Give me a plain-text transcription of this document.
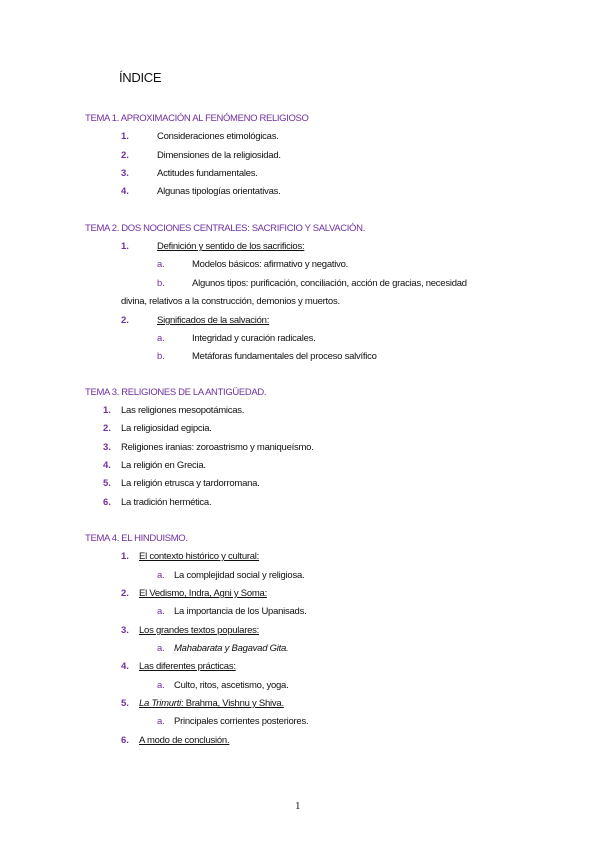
ÍNDICE
TEMA 1. APROXIMACIÓN AL FENÓMENO RELIGIOSO
1.	Consideraciones etimológicas.
2.	Dimensiones de la religiosidad.
3.	Actitudes fundamentales.
4.	Algunas tipologías orientativas.
TEMA 2. DOS NOCIONES CENTRALES: SACRIFICIO Y SALVACIÓN.
1.	Definición y sentido de los sacrificios:
a.	Modelos básicos: afirmativo y negativo.
b.	Algunos tipos: purificación, conciliación, acción de gracias, necesidad
divina, relativos a la construcción, demonios y muertos.
2.	Significados de la salvación:
a.	Integridad y curación radicales.
b.	Metáforas fundamentales del proceso salvífico
TEMA 3. RELIGIONES DE LA ANTIGÜEDAD.
1. Las religiones mesopotámicas.
2. La religiosidad egipcia.
3. Religiones iranias: zoroastrismo y maniqueísmo.
4. La religión en Grecia.
5. La religión etrusca y tardorromana.
6. La tradición hermética.
TEMA 4. EL HINDUISMO.
1. El contexto histórico y cultural:
a. La complejidad social y religiosa.
2. El Vedismo, Indra, Agni y Soma:
a. La importancia de los Upanisads.
3. Los grandes textos populares:
a. Mahabarata y Bagavad Gita.
4. Las diferentes prácticas:
a. Culto, ritos, ascetismo, yoga.
5. La Trimurti: Brahma, Vishnu y Shiva.
a. Principales corrientes posteriores.
6. A modo de conclusión.
1
